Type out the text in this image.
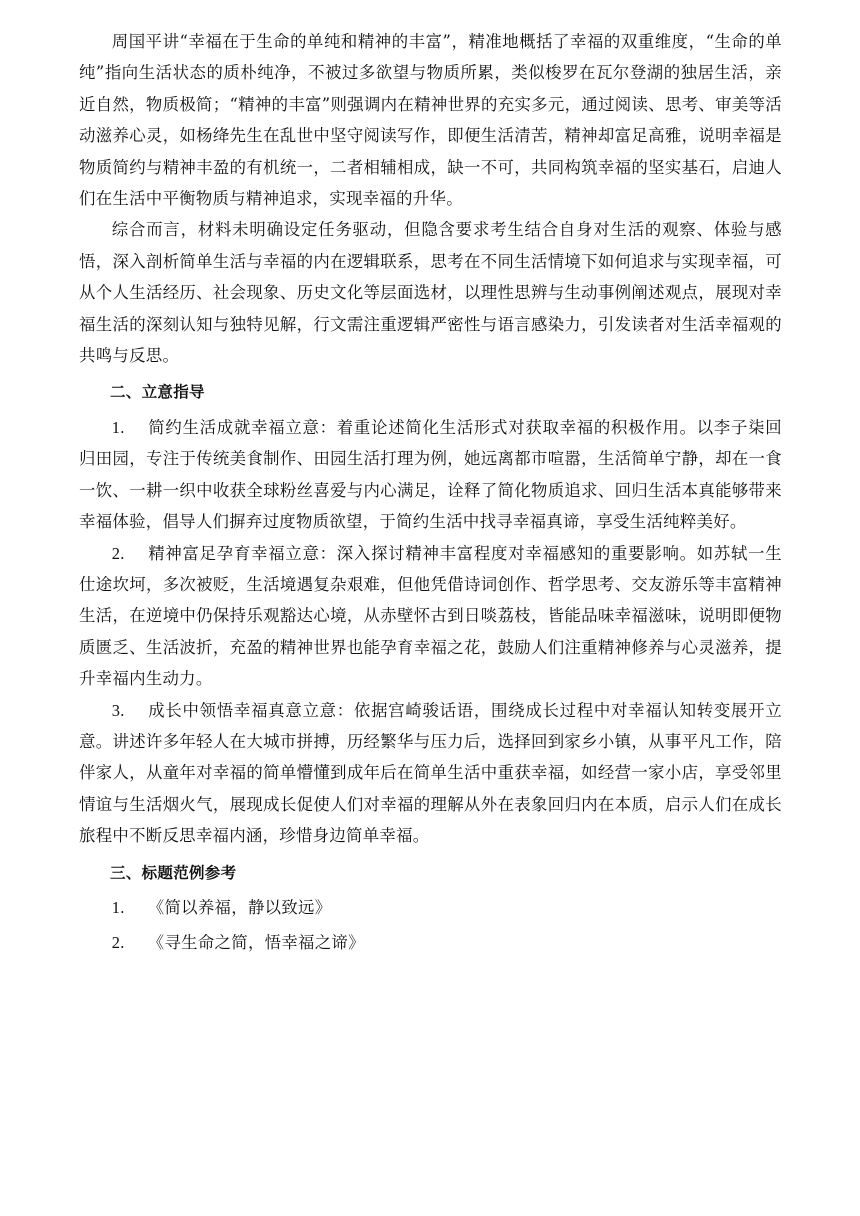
周国平讲“幸福在于生命的单纯和精神的丰富”，精准地概括了幸福的双重维度，“生命的单纯”指向生活状态的质朴纯净，不被过多欲望与物质所累，类似梭罗在瓦尔登湖的独居生活，亲近自然，物质极简；“精神的丰富”则强调内在精神世界的充实多元，通过阅读、思考、审美等活动滋养心灵，如杨绛先生在乱世中坚守阅读写作，即便生活清苦，精神却富足高雅，说明幸福是物质简约与精神丰盈的有机统一，二者相辅相成，缺一不可，共同构筑幸福的坚实基石，启迪人们在生活中平衡物质与精神追求，实现幸福的升华。

综合而言，材料未明确设定任务驱动，但隐含要求考生结合自身对生活的观察、体验与感悟，深入剖析简单生活与幸福的内在逻辑联系，思考在不同生活情境下如何追求与实现幸福，可从个人生活经历、社会现象、历史文化等层面选材，以理性思辨与生动事例阐述观点，展现对幸福生活的深刻认知与独特见解，行文需注重逻辑严密性与语言感染力，引发读者对生活幸福观的共鸣与反思。

二、立意指导

1. 简约生活成就幸福立意：着重论述简化生活形式对获取幸福的积极作用。以李子柒回归田园，专注于传统美食制作、田园生活打理为例，她远离都市喧嚣，生活简单宁静，却在一食一饮、一耕一织中收获全球粉丝喜爱与内心满足，诠释了简化物质追求、回归生活本真能够带来幸福体验，倡导人们摒弃过度物质欲望，于简约生活中找寻幸福真谛，享受生活纯粹美好。

2. 精神富足孕育幸福立意：深入探讨精神丰富程度对幸福感知的重要影响。如苏轼一生仕途坎坷，多次被贬，生活境遇复杂艰难，但他凭借诗词创作、哲学思考、交友游乐等丰富精神生活，在逆境中仍保持乐观豁达心境，从赤壁怀古到日啖荔枝，皆能品味幸福滋味，说明即便物质匮乏、生活波折，充盈的精神世界也能孕育幸福之花，鼓励人们注重精神修养与心灵滋养，提升幸福内生动力。

3. 成长中领悟幸福真意立意：依据宫崎骏话语，围绕成长过程中对幸福认知转变展开立意。讲述许多年轻人在大城市拼搏，历经繁华与压力后，选择回到家乡小镇，从事平凡工作，陪伴家人，从童年对幸福的简单懵懂到成年后在简单生活中重获幸福，如经营一家小店，享受邻里情谊与生活烟火气，展现成长促使人们对幸福的理解从外在表象回归内在本质，启示人们在成长旅程中不断反思幸福内涵，珍惜身边简单幸福。

三、标题范例参考

1. 《简以养福，静以致远》

2. 《寻生命之简，悟幸福之谛》
